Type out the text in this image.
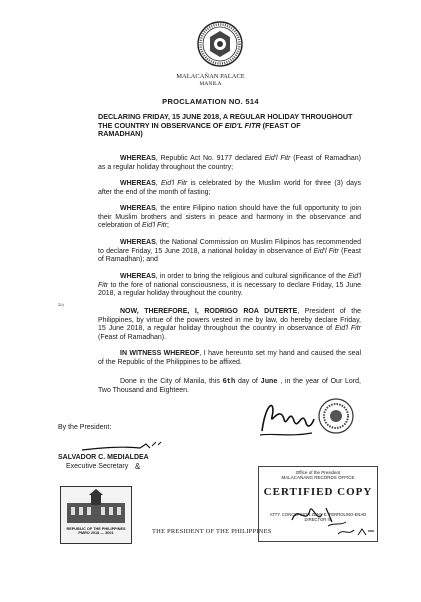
MALACAÑAN PALACE
MANILA
PROCLAMATION NO. 514
DECLARING FRIDAY, 15 JUNE 2018, A REGULAR HOLIDAY THROUGHOUT
THE COUNTRY IN OBSERVANCE OF EID'L FITR (FEAST OF
RAMADHAN)
WHEREAS, Republic Act No. 9177 declared Eid'l Fitr (Feast of Ramadhan) as a regular holiday throughout the country;
WHEREAS, Eid'l Fitr is celebrated by the Muslim world for three (3) days after the end of the month of fasting;
WHEREAS, the entire Filipino nation should have the full opportunity to join their Muslim brothers and sisters in peace and harmony in the observance and celebration of Eid'l Fitr;
WHEREAS, the National Commission on Muslim Filipinos has recommended to declare Friday, 15 June 2018, a national holiday in observance of Eid'l Fitr (Feast of Ramadhan); and
WHEREAS, in order to bring the religious and cultural significance of the Eid'l Fitr to the fore of national consciousness, it is necessary to declare Friday, 15 June 2018, a regular holiday throughout the country.
NOW, THEREFORE, I, RODRIGO ROA DUTERTE, President of the Philippines, by virtue of the powers vested in me by law, do hereby declare Friday, 15 June 2018, a regular holiday throughout the country in observance of Eid'l Fitr (Feast of Ramadhan).
IN WITNESS WHEREOF, I have hereunto set my hand and caused the seal of the Republic of the Philippines to be affixed.
Done in the City of Manila, this 6th day of June , in the year of Our Lord, Two Thousand and Eighteen.
≈›
By the President:
SALVADOR C. MEDIALDEA
Executive Secretary &
Office of the President
MALACAÑANG RECORDS OFFICE
CERTIFIED COPY
ATTY. CONCEPCION ZENY E. FERROLINO-ENAD
DIRECTOR IV
REPUBLIC OF THE PHILIPPINES
PMRO 2018 — 3001	THE PRESIDENT OF THE PHILIPPINES
